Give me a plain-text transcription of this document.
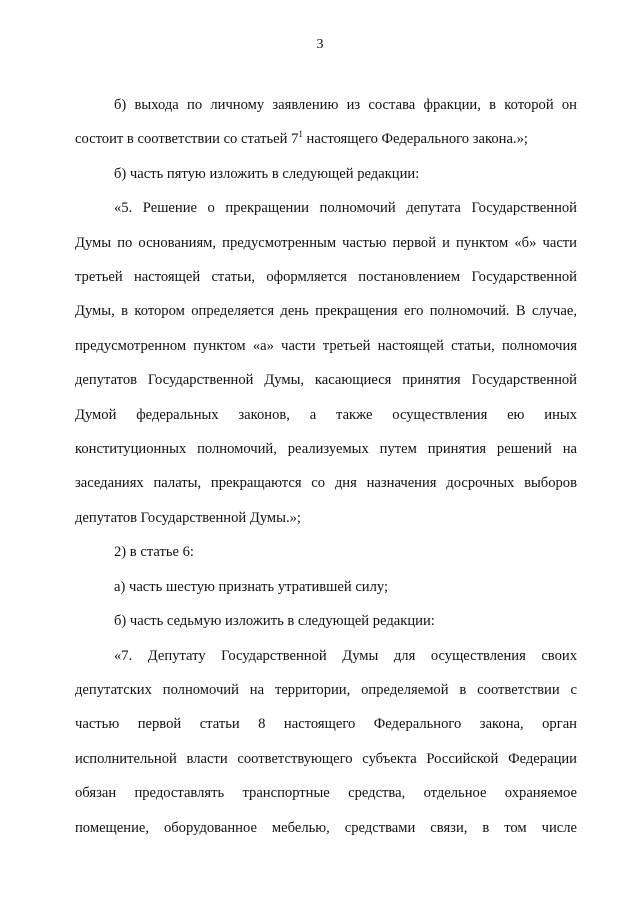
3

б) выхода по личному заявлению из состава фракции, в которой он
состоит в соответствии со статьей $7^1$ настоящего Федерального закона.»;

б) часть пятую изложить в следующей редакции:

«5. Решение о прекращении полномочий депутата Государственной
Думы по основаниям, предусмотренным частью первой и пунктом «б» части
третьей настоящей статьи, оформляется постановлением Государственной
Думы, в котором определяется день прекращения его полномочий. В случае,
предусмотренном пунктом «а» части третьей настоящей статьи, полномочия
депутатов Государственной Думы, касающиеся принятия Государственной
Думой федеральных законов, а также осуществления ею иных
конституционных полномочий, реализуемых путем принятия решений на
заседаниях палаты, прекращаются со дня назначения досрочных выборов
депутатов Государственной Думы.»;

2) в статье 6:

а) часть шестую признать утратившей силу;

б) часть седьмую изложить в следующей редакции:

«7. Депутату Государственной Думы для осуществления своих
депутатских полномочий на территории, определяемой в соответствии с
частью первой статьи 8 настоящего Федерального закона, орган
исполнительной власти соответствующего субъекта Российской Федерации
обязан предоставлять транспортные средства, отдельное охраняемое
помещение, оборудованное мебелью, средствами связи, в том числе
